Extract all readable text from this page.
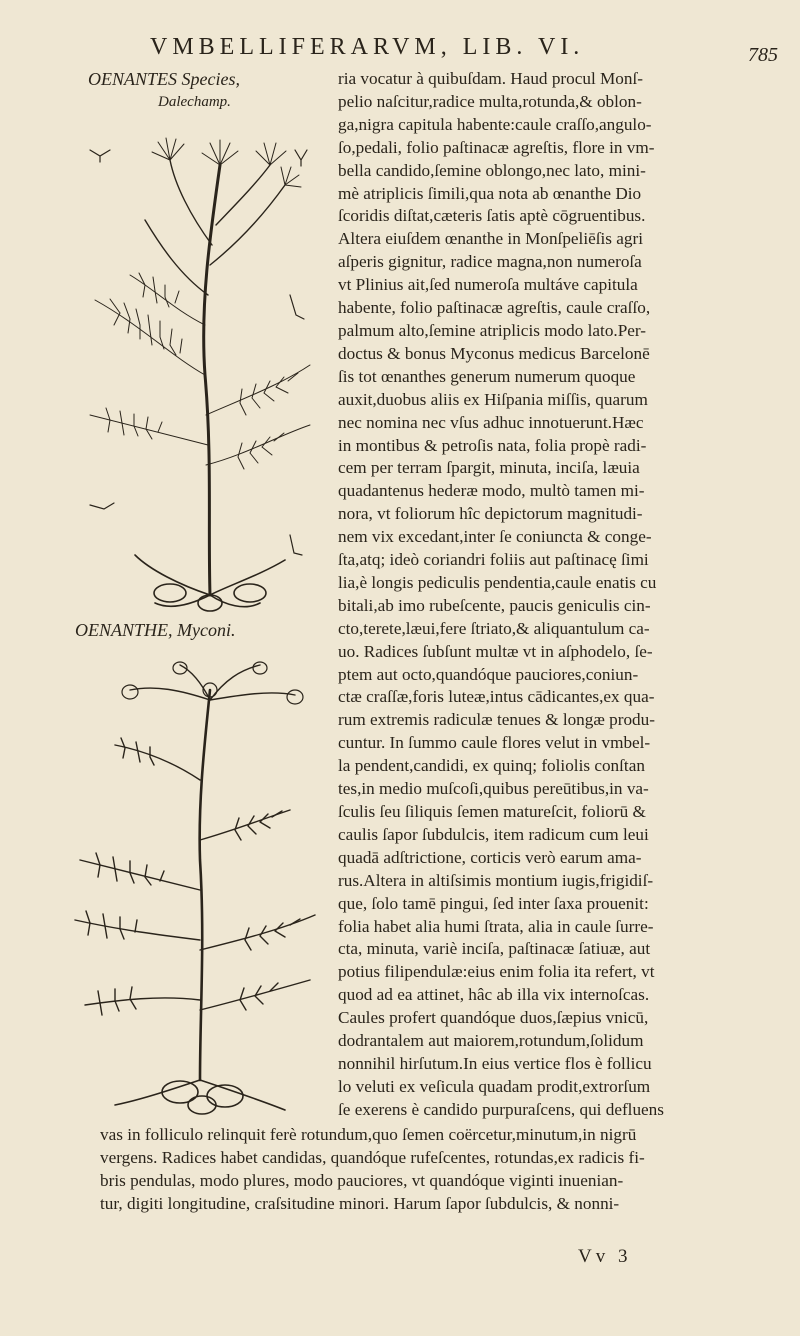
VMBELLIFERARVM, LIB. VI.	785
OENANTES Species,
Dalechamp.
OENANTHE, Myconi.
ria vocatur à quibuſdam. Haud procul Monſ-
pelio naſcitur,radice multa,rotunda,& oblon-
ga,nigra capitula habente:caule craſſo,angulo-
ſo,pedali, folio paſtinacæ agreſtis, flore in vm-
bella candido,ſemine oblongo,nec lato, mini-
mè atriplicis ſimili,qua nota ab œnanthe Dio
ſcoridis diſtat,cæteris ſatis aptè cōgruentibus.
Altera eiuſdem œnanthe in Monſpeliēſis agri
aſperis gignitur, radice magna,non numeroſa
vt Plinius ait,ſed numeroſa multáve capitula
habente, folio paſtinacæ agreſtis, caule craſſo,
palmum alto,ſemine atriplicis modo lato.Per-
doctus & bonus Myconus medicus Barcelonē
ſis tot œnanthes generum numerum quoque
auxit,duobus aliis ex Hiſpania miſſis, quarum
nec nomina nec vſus adhuc innotuerunt.Hæc
in montibus & petroſis nata, folia propè radi-
cem per terram ſpargit, minuta, inciſa, læuia
quadantenus hederæ modo, multò tamen mi-
nora, vt foliorum hîc depictorum magnitudi-
nem vix excedant,inter ſe coniuncta & conge-
ſta,atq; ideò coriandri foliis aut paſtinacę ſimi
lia,è longis pediculis pendentia,caule enatis cu
bitali,ab imo rubeſcente, paucis geniculis cin-
cto,terete,læui,fere ſtriato,& aliquantulum ca-
uo. Radices ſubſunt multæ vt in aſphodelo, ſe-
ptem aut octo,quandóque pauciores,coniun-
ctæ craſſæ,foris luteæ,intus cādicantes,ex qua-
rum extremis radiculæ tenues & longæ produ-
cuntur. In ſummo caule flores velut in vmbel-
la pendent,candidi, ex quinq; foliolis conſtan
tes,in medio muſcoſi,quibus pereūtibus,in va-
ſculis ſeu ſiliquis ſemen matureſcit, foliorū &
caulis ſapor ſubdulcis, item radicum cum leui
quadā adſtrictione, corticis verò earum ama-
rus.Altera in altiſsimis montium iugis,frigidiſ-
que, ſolo tamē pingui, ſed inter ſaxa prouenit:
folia habet alia humi ſtrata, alia in caule ſurre-
cta, minuta, variè inciſa, paſtinacæ ſatiuæ, aut
potius filipendulæ:eius enim folia ita refert, vt
quod ad ea attinet, hâc ab illa vix internoſcas.
Caules profert quandóque duos,ſæpius vnicū,
dodrantalem aut maiorem,rotundum,ſolidum
nonnihil hirſutum.In eius vertice flos è follicu
lo veluti ex veſicula quadam prodit,extrorſum
ſe exerens è candido purpuraſcens, qui defluens
vas in folliculo relinquit ferè rotundum,quo ſemen coërcetur,minutum,in nigrū
vergens. Radices habet candidas, quandóque rufeſcentes, rotundas,ex radicis fi-
bris pendulas, modo plures, modo pauciores, vt quandóque viginti inuenian-
tur, digiti longitudine, craſsitudine minori. Harum ſapor ſubdulcis, & nonni-
Vv 3
